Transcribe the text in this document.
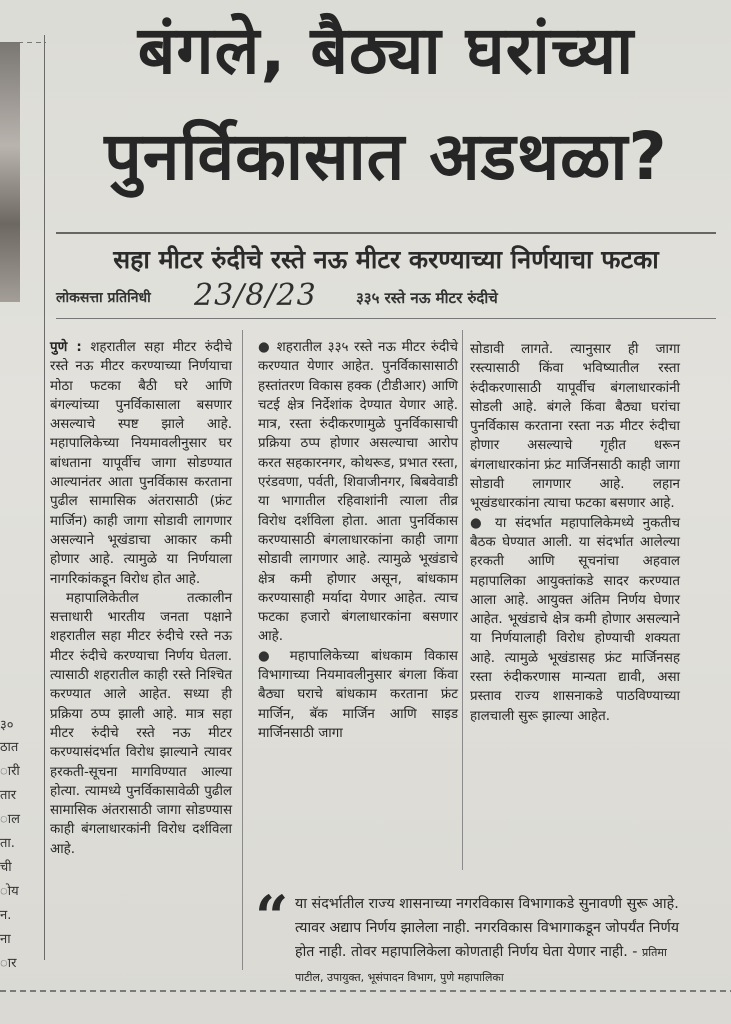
३०
ठात
ारी
तार
ाल
ता.
ची
ोय
न.
ना
ार
बंगले, बैठ्या घरांच्या
पुनर्विकासात अडथळा?
सहा मीटर रुंदीचे रस्ते नऊ मीटर करण्याच्या निर्णयाचा फटका
लोकसत्ता प्रतिनिधी 23/8/23	३३५ रस्ते नऊ मीटर रुंदीचे

पुणे : शहरातील सहा मीटर रुंदीचे रस्ते नऊ मीटर करण्याच्या निर्णयाचा मोठा फटका बैठी घरे आणि बंगल्यांच्या पुनर्विकासाला बसणार असल्याचे स्पष्ट झाले आहे. महापालिकेच्या नियमावलीनुसार घर बांधताना यापूर्वीच जागा सोडण्यात आल्यानंतर आता पुनर्विकास करताना पुढील सामासिक अंतरासाठी (फ्रंट मार्जिन) काही जागा सोडावी लागणार असल्याने भूखंडाचा आकार कमी होणार आहे. त्यामुळे या निर्णयाला नागरिकांकडून विरोध होत आहे.

महापालिकेतील तत्कालीन सत्ताधारी भारतीय जनता पक्षाने शहरातील सहा मीटर रुंदीचे रस्ते नऊ मीटर रुंदीचे करण्याचा निर्णय घेतला. त्यासाठी शहरातील काही रस्ते निश्चित करण्यात आले आहेत. सध्या ही प्रक्रिया ठप्प झाली आहे. मात्र सहा मीटर रुंदीचे रस्ते नऊ मीटर करण्यासंदर्भात विरोध झाल्याने त्यावर हरकती-सूचना मागविण्यात आल्या होत्या. त्यामध्ये पुनर्विकासावेळी पुढील सामासिक अंतरासाठी जागा सोडण्यास काही बंगलाधारकांनी विरोध दर्शविला आहे.

● शहरातील ३३५ रस्ते नऊ मीटर रुंदीचे करण्यात येणार आहेत. पुनर्विकासासाठी हस्तांतरण विकास हक्क (टीडीआर) आणि चटई क्षेत्र निर्देशांक देण्यात येणार आहे. मात्र, रस्ता रुंदीकरणामुळे पुनर्विकासाची प्रक्रिया ठप्प होणार असल्याचा आरोप करत सहकारनगर, कोथरूड, प्रभात रस्ता, एरंडवणा, पर्वती, शिवाजीनगर, बिबवेवाडी या भागातील रहिवाशांनी त्याला तीव्र विरोध दर्शविला होता. आता पुनर्विकास करण्यासाठी बंगलाधारकांना काही जागा सोडावी लागणार आहे. त्यामुळे भूखंडाचे क्षेत्र कमी होणार असून, बांधकाम करण्यासाही मर्यादा येणार आहेत. त्याच फटका हजारो बंगलाधारकांना बसणार आहे.

● महापालिकेच्या बांधकाम विकास विभागाच्या नियमावलीनुसार बंगला किंवा बैठ्या घराचे बांधकाम करताना फ्रंट मार्जिन, बॅक मार्जिन आणि साइड मार्जिनसाठी जागा

सोडावी लागते. त्यानुसार ही जागा रस्त्यासाठी किंवा भविष्यातील रस्ता रुंदीकरणासाठी यापूर्वीच बंगलाधारकांनी सोडली आहे. बंगले किंवा बैठ्या घरांचा पुनर्विकास करताना रस्ता नऊ मीटर रुंदीचा होणार असल्याचे गृहीत धरून बंगलाधारकांना फ्रंट मार्जिनसाठी काही जागा सोडावी लागणार आहे. लहान भूखंडधारकांना त्याचा फटका बसणार आहे.

● या संदर्भात महापालिकेमध्ये नुकतीच बैठक घेण्यात आली. या संदर्भात आलेल्या हरकती आणि सूचनांचा अहवाल महापालिका आयुक्तांकडे सादर करण्यात आला आहे. आयुक्त अंतिम निर्णय घेणार आहेत. भूखंडाचे क्षेत्र कमी होणार असल्याने या निर्णयालाही विरोध होण्याची शक्यता आहे. त्यामुळे भूखंडासह फ्रंट मार्जिनसह रस्ता रुंदीकरणास मान्यता द्यावी, असा प्रस्ताव राज्य शासनाकडे पाठविण्याच्या हालचाली सुरू झाल्या आहेत.

“ या संदर्भातील राज्य शासनाच्या नगरविकास विभागाकडे सुनावणी सुरू आहे. त्यावर अद्याप निर्णय झालेला नाही. नगरविकास विभागाकडून जोपर्यंत निर्णय होत नाही. तोवर महापालिकेला कोणताही निर्णय घेता येणार नाही. - प्रतिमा पाटील, उपायुक्त, भूसंपादन विभाग, पुणे महापालिका
